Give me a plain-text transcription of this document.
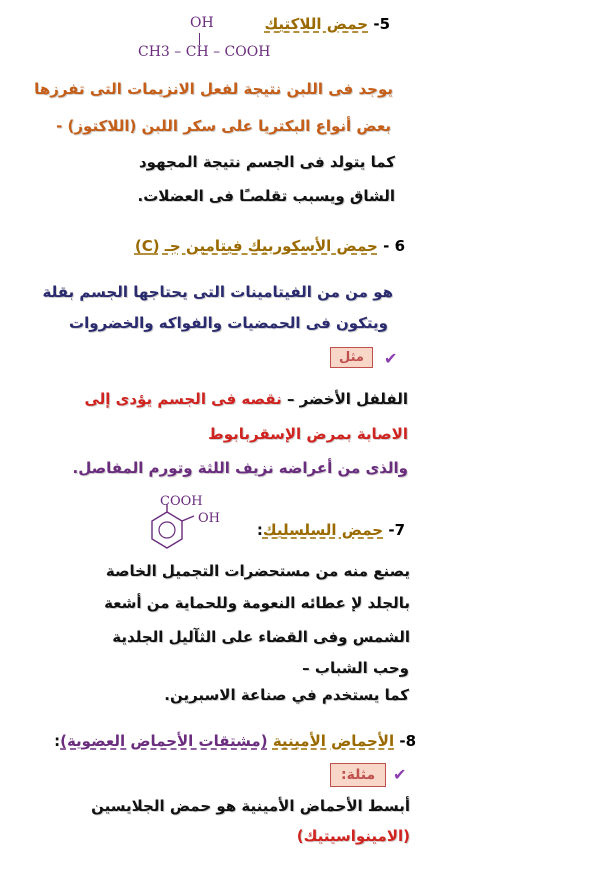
5- حمض اللاكتيك
OH
CH3 – CH – COOH
يوجد فى اللبن نتيجة لفعل الانزيمات التى تفرزها
بعض أنواع البكتريا على سكر اللبن (اللاكتوز) -
كما يتولد فى الجسم نتيجة المجهود
الشاق ويسبب تقلصـًا فى العضلات.
6 - حمض الأسكوربيك فيتامين جـ (C)
هو من من الفيتامينات التى يحتاجها الجسم بقلة
ويتكون فى الحمضيات والفواكه والخضروات
مثل	✔
الفلفل الأخضر – نقصه فى الجسم يؤدى إلى
الاصابة بمرض الإسقربابوط
والذى من أعراضه نزيف اللثة وتورم المفاصل.
COOH
OH
7- حمض السلسليك:
يصنع منه من مستحضرات التجميل الخاصة
بالجلد لإ عطائه النعومة وللحماية من أشعة
الشمس وفى القضاء على الثآليل الجلدية
وحب الشباب –
كما يستخدم في صناعة الاسبرين.
8- الأحماض الأمينية (مشتقات الأحماض العضوية):
مثلة:	✔
أبسط الأحماض الأمينية هو حمض الجلايسين
(الامينواسيتيك)
